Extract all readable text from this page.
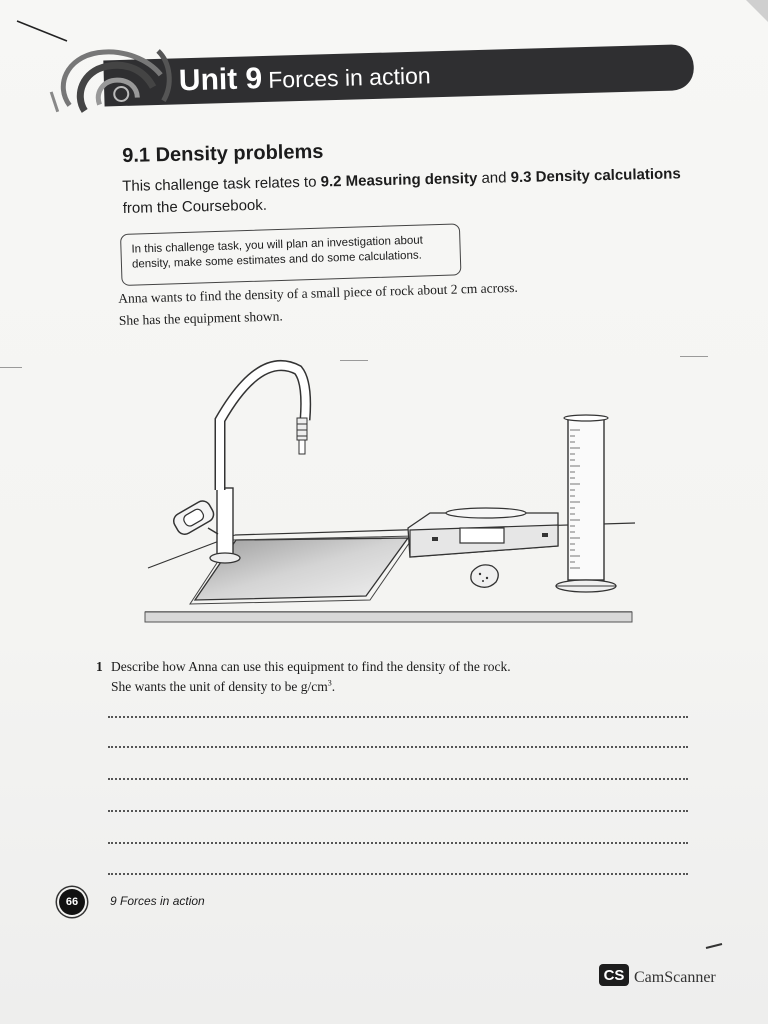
Unit 9 Forces in action
9.1 Density problems
This challenge task relates to 9.2 Measuring density and 9.3 Density calculations
from the Coursebook.
In this challenge task, you will plan an investigation about density, make some estimates and do some calculations.
Anna wants to find the density of a small piece of rock about 2 cm across.
She has the equipment shown.
1 Describe how Anna can use this equipment to find the density of the rock.
She wants the unit of density to be $g/cm^3$.
66	9 Forces in action
CS CamScanner
